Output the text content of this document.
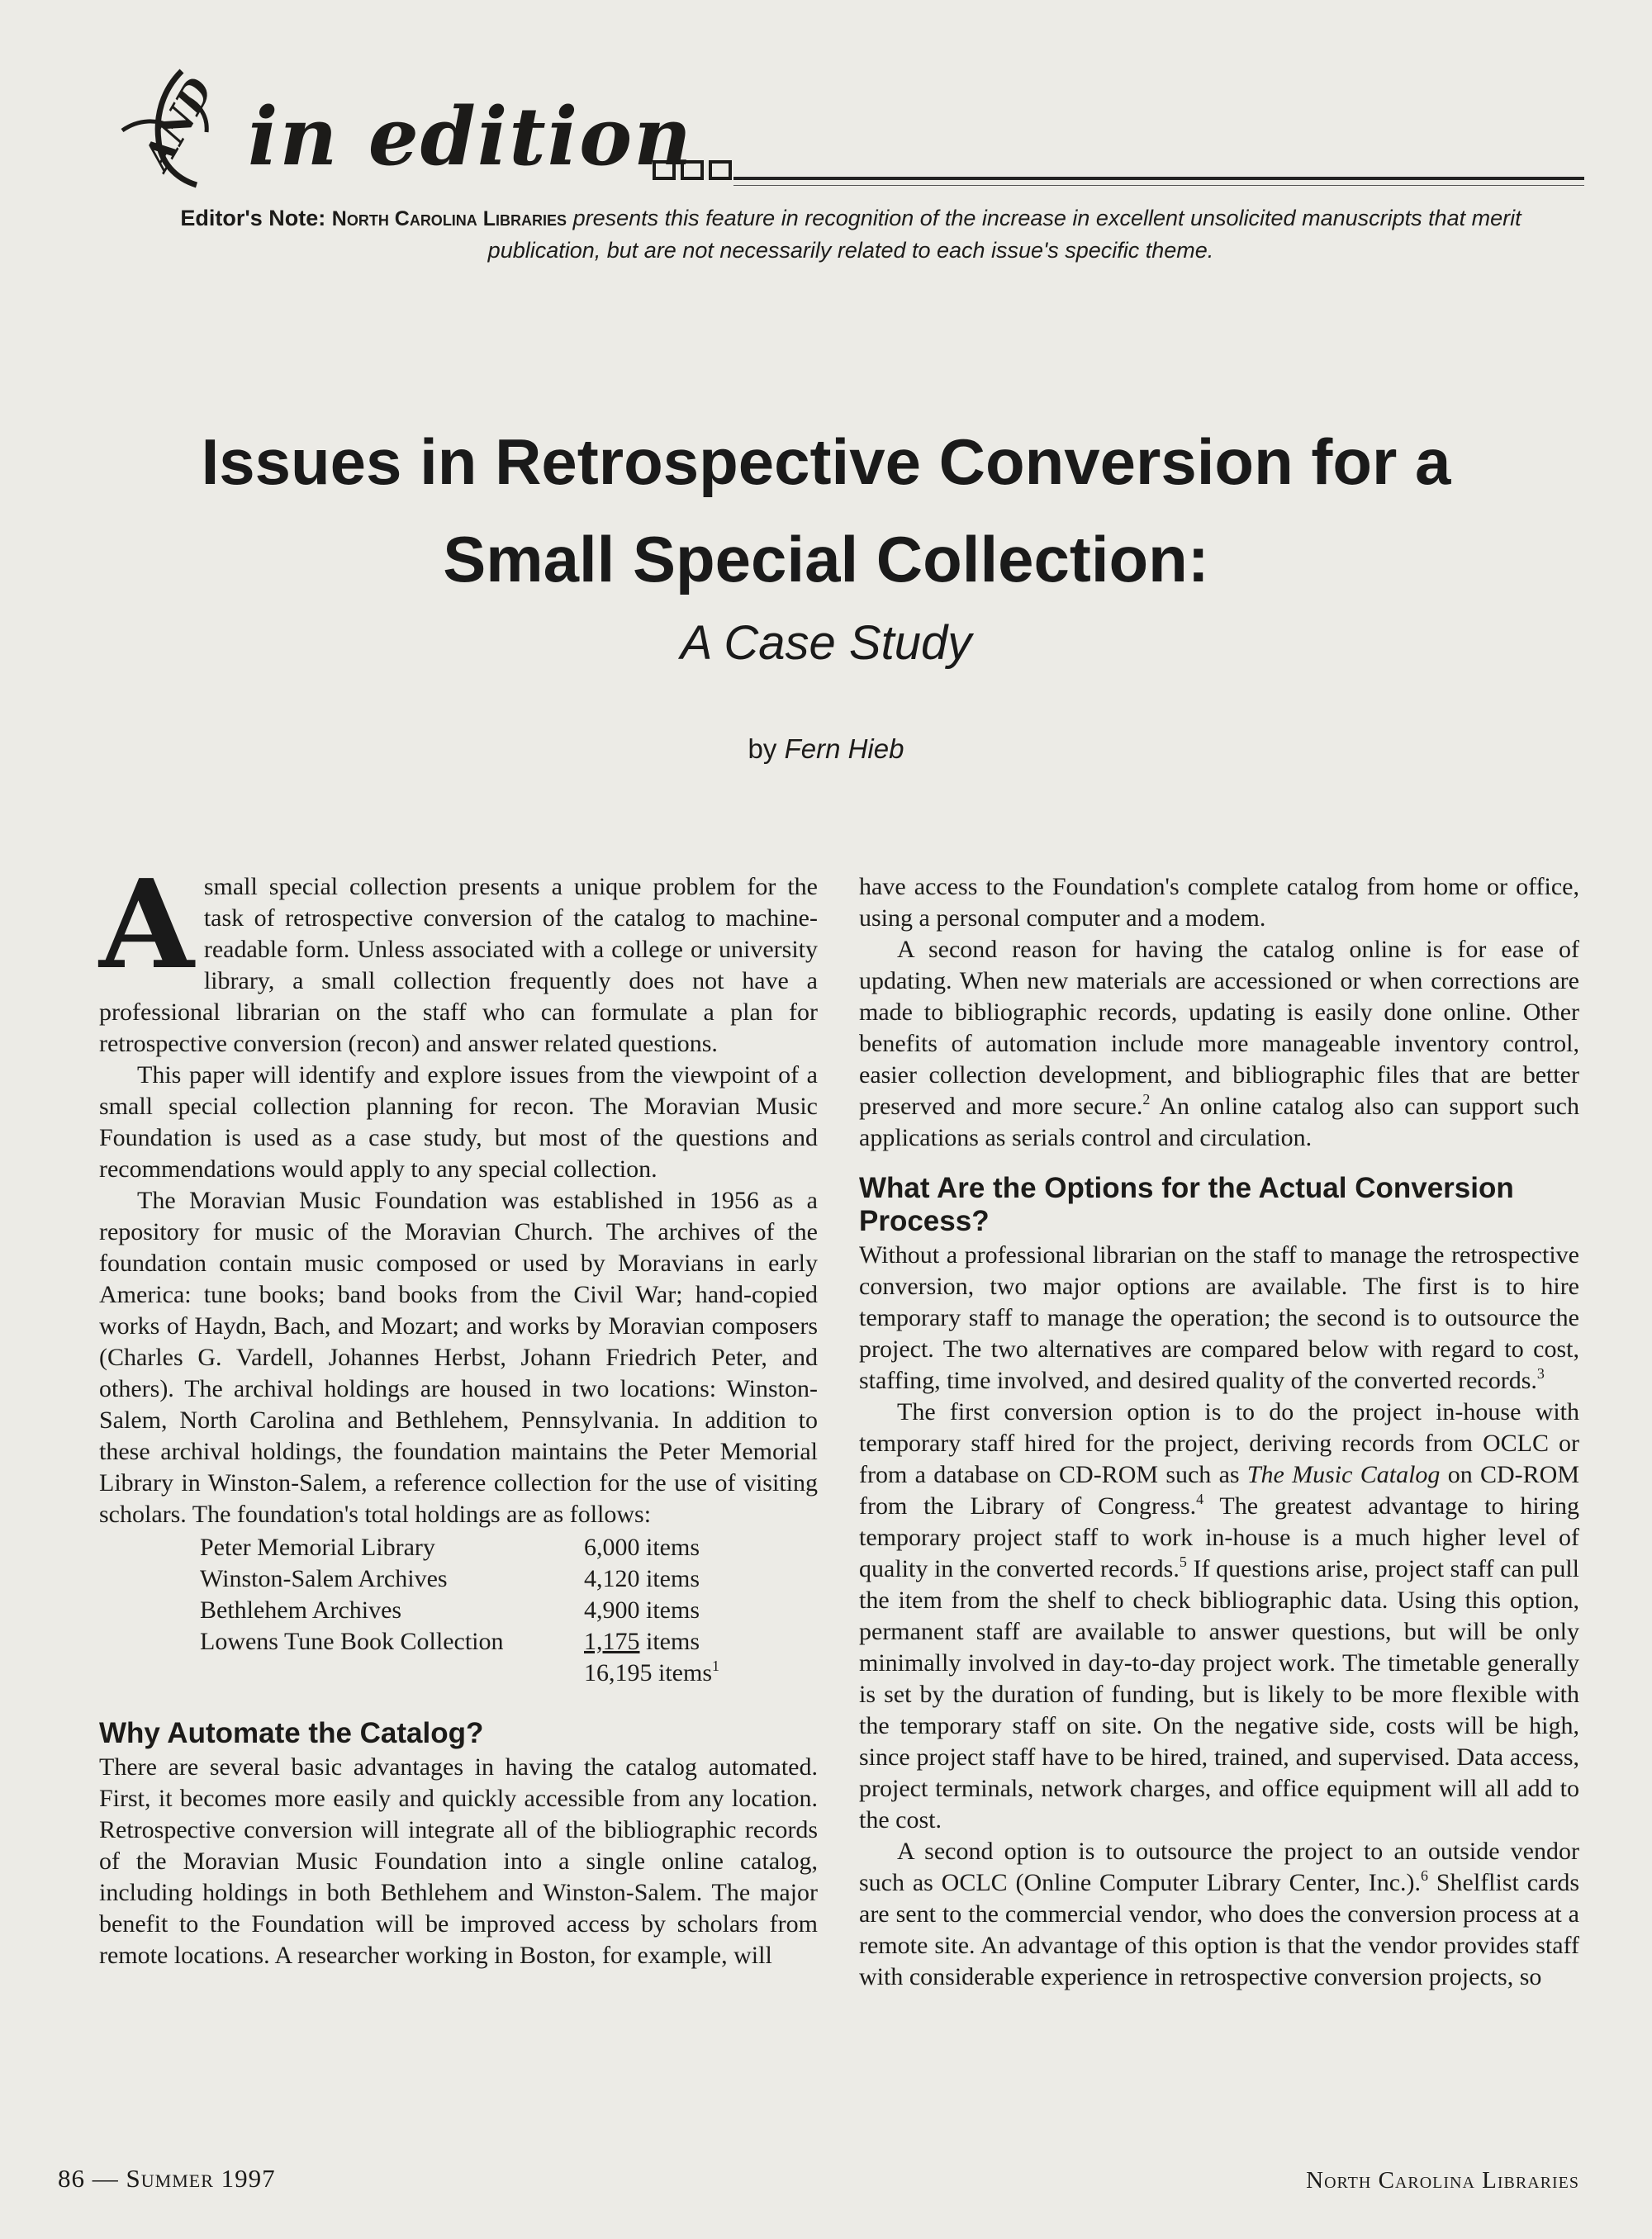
AND in edition
Editor's Note: North Carolina Libraries presents this feature in recognition of the increase in excellent unsolicited manuscripts that merit publication, but are not necessarily related to each issue's specific theme.
Issues in Retrospective Conversion for a Small Special Collection:
A Case Study
by Fern Hieb

Asmall special collection presents a unique problem for the task of retrospective conversion of the catalog to machine-readable form. Unless associated with a college or university library, a small collection frequently does not have a professional librarian on the staff who can formulate a plan for retrospective conversion (recon) and answer related questions.

This paper will identify and explore issues from the viewpoint of a small special collection planning for recon. The Moravian Music Foundation is used as a case study, but most of the questions and recommendations would apply to any special collection.

The Moravian Music Foundation was established in 1956 as a repository for music of the Moravian Church. The archives of the foundation contain music composed or used by Moravians in early America: tune books; band books from the Civil War; hand-copied works of Haydn, Bach, and Mozart; and works by Moravian composers (Charles G. Vardell, Johannes Herbst, Johann Friedrich Peter, and others). The archival holdings are housed in two locations: Winston-Salem, North Carolina and Bethlehem, Pennsylvania. In addition to these archival holdings, the foundation maintains the Peter Memorial Library in Winston-Salem, a reference collection for the use of visiting scholars. The foundation's total holdings are as follows:

Peter Memorial Library	6,000 items
Winston-Salem Archives	4,120 items
Bethlehem Archives	4,900 items
Lowens Tune Book Collection	1,175 items
	16,195 items$^1$
Why Automate the Catalog?

There are several basic advantages in having the catalog automated. First, it becomes more easily and quickly accessible from any location. Retrospective conversion will integrate all of the bibliographic records of the Moravian Music Foundation into a single online catalog, including holdings in both Bethlehem and Winston-Salem. The major benefit to the Foundation will be improved access by scholars from remote locations. A researcher working in Boston, for example, will

have access to the Foundation's complete catalog from home or office, using a personal computer and a modem.

A second reason for having the catalog online is for ease of updating. When new materials are accessioned or when corrections are made to bibliographic records, updating is easily done online. Other benefits of automation include more manageable inventory control, easier collection development, and bibliographic files that are better preserved and more secure.$^2$ An online catalog also can support such applications as serials control and circulation.

What Are the Options for the Actual Conversion Process?

Without a professional librarian on the staff to manage the retrospective conversion, two major options are available. The first is to hire temporary staff to manage the operation; the second is to outsource the project. The two alternatives are compared below with regard to cost, staffing, time involved, and desired quality of the converted records.$^3$

The first conversion option is to do the project in-house with temporary staff hired for the project, deriving records from OCLC or from a database on CD-ROM such as The Music Catalog on CD-ROM from the Library of Congress.$^4$ The greatest advantage to hiring temporary project staff to work in-house is a much higher level of quality in the converted records.$^5$ If questions arise, project staff can pull the item from the shelf to check bibliographic data. Using this option, permanent staff are available to answer questions, but will be only minimally involved in day-to-day project work. The timetable generally is set by the duration of funding, but is likely to be more flexible with the temporary staff on site. On the negative side, costs will be high, since project staff have to be hired, trained, and supervised. Data access, project terminals, network charges, and office equipment will all add to the cost.

A second option is to outsource the project to an outside vendor such as OCLC (Online Computer Library Center, Inc.).$^6$ Shelflist cards are sent to the commercial vendor, who does the conversion process at a remote site. An advantage of this option is that the vendor provides staff with considerable experience in retrospective conversion projects, so

86 — Summer 1997	North Carolina Libraries
